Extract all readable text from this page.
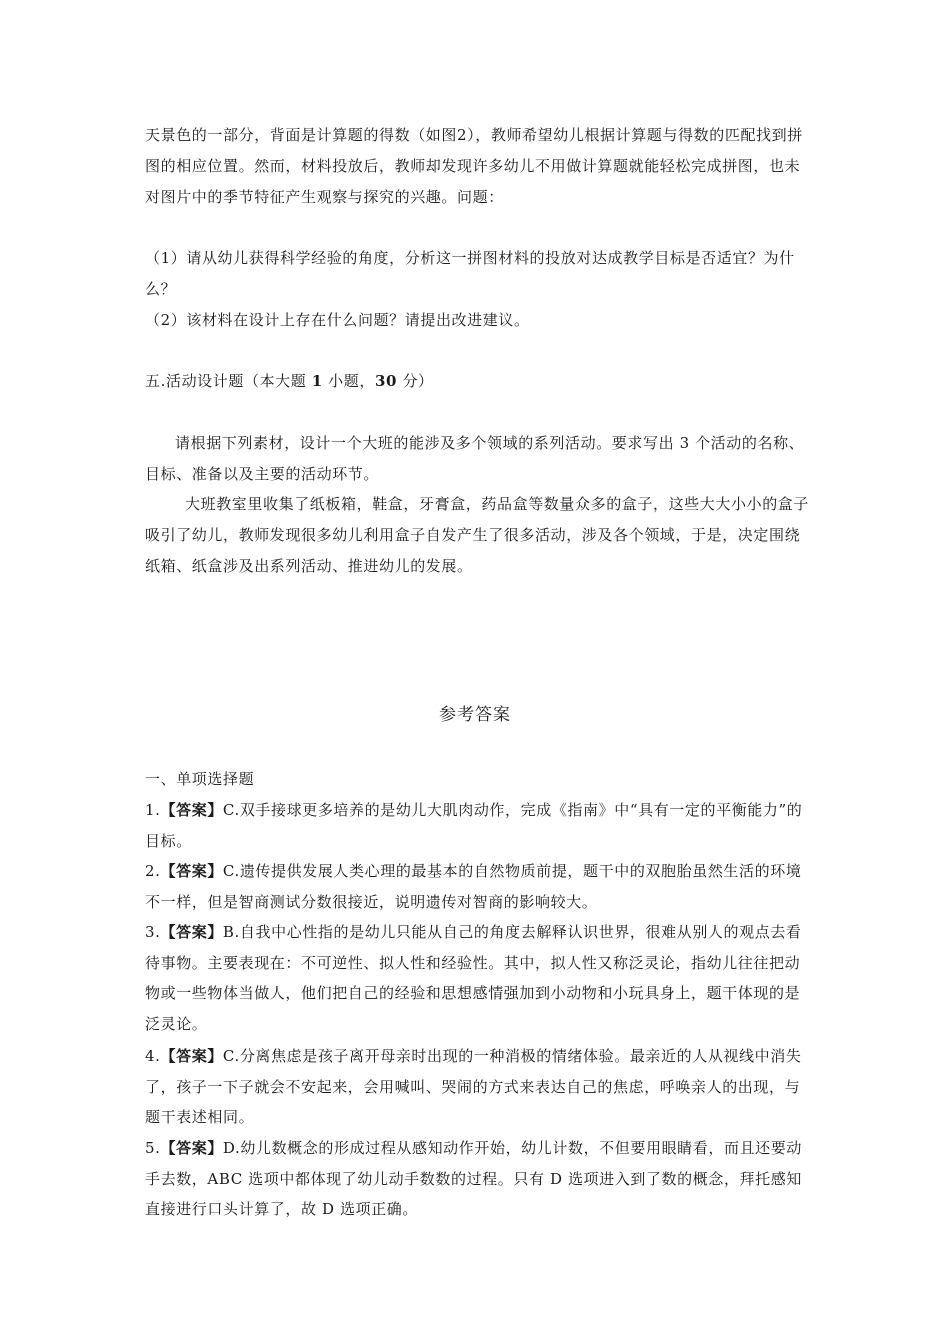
天景色的一部分，背面是计算题的得数（如图2），教师希望幼儿根据计算题与得数的匹配找到拼图的相应位置。然而，材料投放后，教师却发现许多幼儿不用做计算题就能轻松完成拼图，也未对图片中的季节特征产生观察与探究的兴趣。问题：

（1）请从幼儿获得科学经验的角度，分析这一拼图材料的投放对达成教学目标是否适宜？为什么？

（2）该材料在设计上存在什么问题？请提出改进建议。

五.活动设计题（本大题 1 小题，30 分）

请根据下列素材，设计一个大班的能涉及多个领域的系列活动。要求写出 3 个活动的名称、目标、准备以及主要的活动环节。

大班教室里收集了纸板箱，鞋盒，牙膏盒，药品盒等数量众多的盒子，这些大大小小的盒子吸引了幼儿，教师发现很多幼儿利用盒子自发产生了很多活动，涉及各个领域，于是，决定围绕纸箱、纸盒涉及出系列活动、推进幼儿的发展。

参考答案

一、单项选择题

1.【答案】C.双手接球更多培养的是幼儿大肌肉动作，完成《指南》中“具有一定的平衡能力”的目标。

2.【答案】C.遗传提供发展人类心理的最基本的自然物质前提，题干中的双胞胎虽然生活的环境不一样，但是智商测试分数很接近，说明遗传对智商的影响较大。

3.【答案】B.自我中心性指的是幼儿只能从自己的角度去解释认识世界，很难从别人的观点去看待事物。主要表现在：不可逆性、拟人性和经验性。其中，拟人性又称泛灵论，指幼儿往往把动物或一些物体当做人，他们把自己的经验和思想感情强加到小动物和小玩具身上，题干体现的是泛灵论。

4.【答案】C.分离焦虑是孩子离开母亲时出现的一种消极的情绪体验。最亲近的人从视线中消失了，孩子一下子就会不安起来，会用喊叫、哭闹的方式来表达自己的焦虑，呼唤亲人的出现，与题干表述相同。

5.【答案】D.幼儿数概念的形成过程从感知动作开始，幼儿计数，不但要用眼睛看，而且还要动手去数，ABC 选项中都体现了幼儿动手数数的过程。只有 D 选项进入到了数的概念，拜托感知直接进行口头计算了，故 D 选项正确。
